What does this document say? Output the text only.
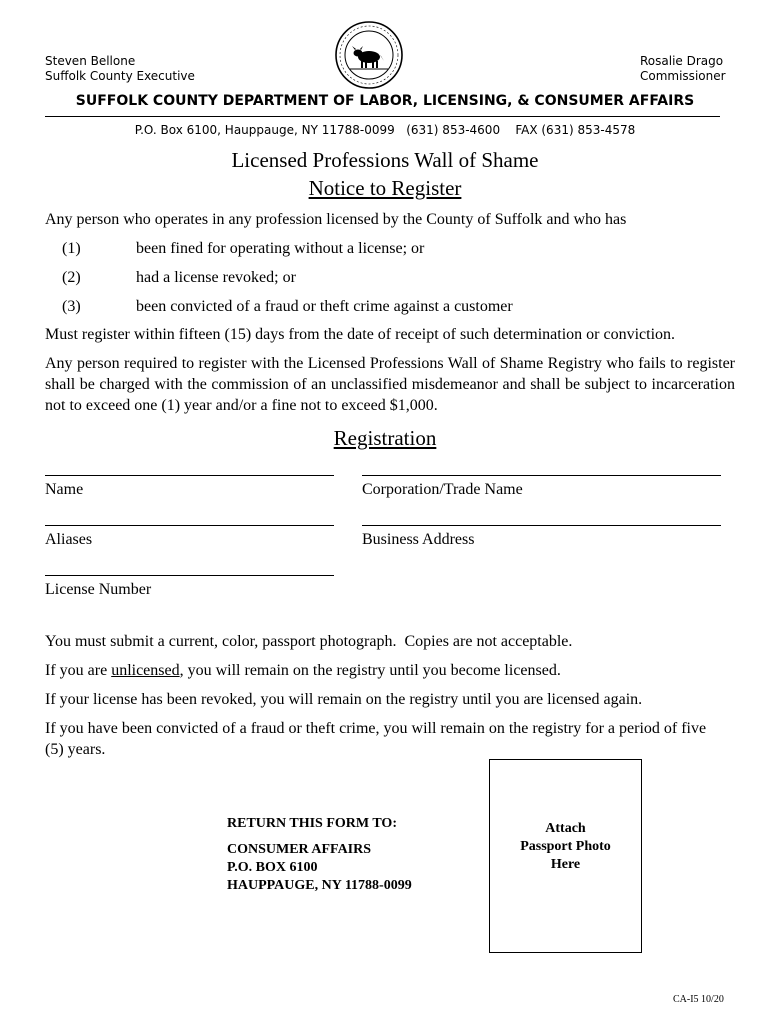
Steven Bellone
Suffolk County Executive
Rosalie Drago
Commissioner
SUFFOLK COUNTY DEPARTMENT OF LABOR, LICENSING, & CONSUMER AFFAIRS
P.O. Box 6100, Hauppauge, NY 11788-0099   (631) 853-4600    FAX (631) 853-4578
Licensed Professions Wall of Shame
Notice to Register
Any person who operates in any profession licensed by the County of Suffolk and who has
(1)	been fined for operating without a license; or
(2)	had a license revoked; or
(3)	been convicted of a fraud or theft crime against a customer
Must register within fifteen (15) days from the date of receipt of such determination or conviction.
Any person required to register with the Licensed Professions Wall of Shame Registry who fails to register shall be charged with the commission of an unclassified misdemeanor and shall be subject to incarceration not to exceed one (1) year and/or a fine not to exceed $1,000.
Registration
Name	Corporation/Trade Name
Aliases	Business Address
License Number
You must submit a current, color, passport photograph.  Copies are not acceptable.
If you are unlicensed, you will remain on the registry until you become licensed.
If your license has been revoked, you will remain on the registry until you are licensed again.
If you have been convicted of a fraud or theft crime, you will remain on the registry for a period of five (5) years.
RETURN THIS FORM TO:
CONSUMER AFFAIRS
P.O. BOX 6100
HAUPPAUGE, NY 11788-0099
Attach
Passport Photo
Here
CA-I5 10/20
